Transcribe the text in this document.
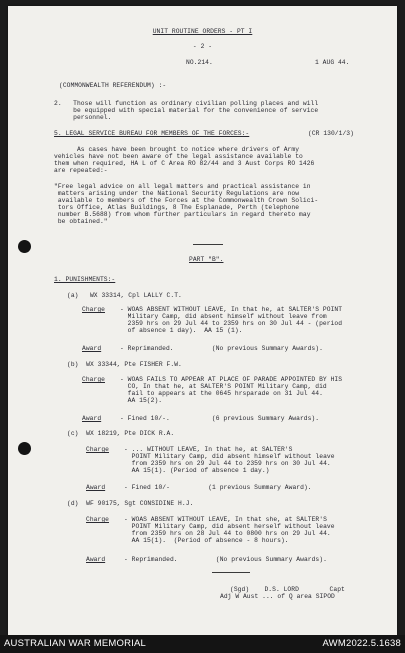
UNIT ROUTINE ORDERS - PT I
- 2 -
NO.214.	1 AUG 44.
(COMMONWEALTH REFERENDUM) :-
2.   Those will function as ordinary civilian polling places and will
be equipped with special material for the convenience of service
personnel.
5. LEGAL SERVICE BUREAU FOR MEMBERS OF THE FORCES:-	(CR 130/1/3)
As cases have been brought to notice where drivers of Army
vehicles have not been aware of the legal assistance available to
them when required, HA L of C Area RO 82/44 and 3 Aust Corps RO 1426
are repeated:-
"Free legal advice on all legal matters and practical assistance in
matters arising under the National Security Regulations are now
available to members of the Forces at the Commonwealth Crown Solici-
tors Office, Atlas Buildings, 8 The Esplanade, Perth (telephone
number B.5688) from whom further particulars in regard thereto may
be obtained."
PART "B".
1. PUNISHMENTS:-
(a)   WX 33314, Cpl LALLY C.T.
Charge - WOAS ABSENT WITHOUT LEAVE, In that he, at SALTER'S POINT
Military Camp, did absent himself without leave from
2359 hrs on 29 Jul 44 to 2359 hrs on 30 Jul 44 - (period
of absence 1 day).  AA 15 (1).
Award	- Reprimanded.          (No previous Summary Awards).
(b)  WX 33344, Pte FISHER F.W.
Charge - WOAS FAILS TO APPEAR AT PLACE OF PARADE APPOINTED BY HIS
CO, In that he, at SALTER'S POINT Military Camp, did
fail to appears at the 0645 hrsparade on 31 Jul 44.
AA 15(2).
Award	- Fined 10/-.           (6 previous Summary Awards).
(c)  WX 18219, Pte DICK R.A.
Charge - ... WITHOUT LEAVE, In that he, at SALTER'S
POINT Military Camp, did absent himself without leave
from 2359 hrs on 29 Jul 44 to 2359 hrs on 30 Jul 44.
AA 15(1). (Period of absence 1 day.)
Award	- Fined 10/-          (1 previous Summary Award).
(d)  WF 90175, Sgt CONSIDINE H.J.
Charge - WOAS ABSENT WITHOUT LEAVE, In that she, at SALTER'S
POINT Military Camp, did absent herself without leave
from 2359 hrs on 28 Jul 44 to 0800 hrs on 29 Jul 44.
AA 15(1).  (Period of absence - 8 hours).
Award	- Reprimanded.          (No previous Summary Awards).
(Sgd)    D.S. LORD        Capt
Adj W Aust ... of Q area SIPOD
AUSTRALIAN WAR MEMORIAL	AWM2022.5.1638
